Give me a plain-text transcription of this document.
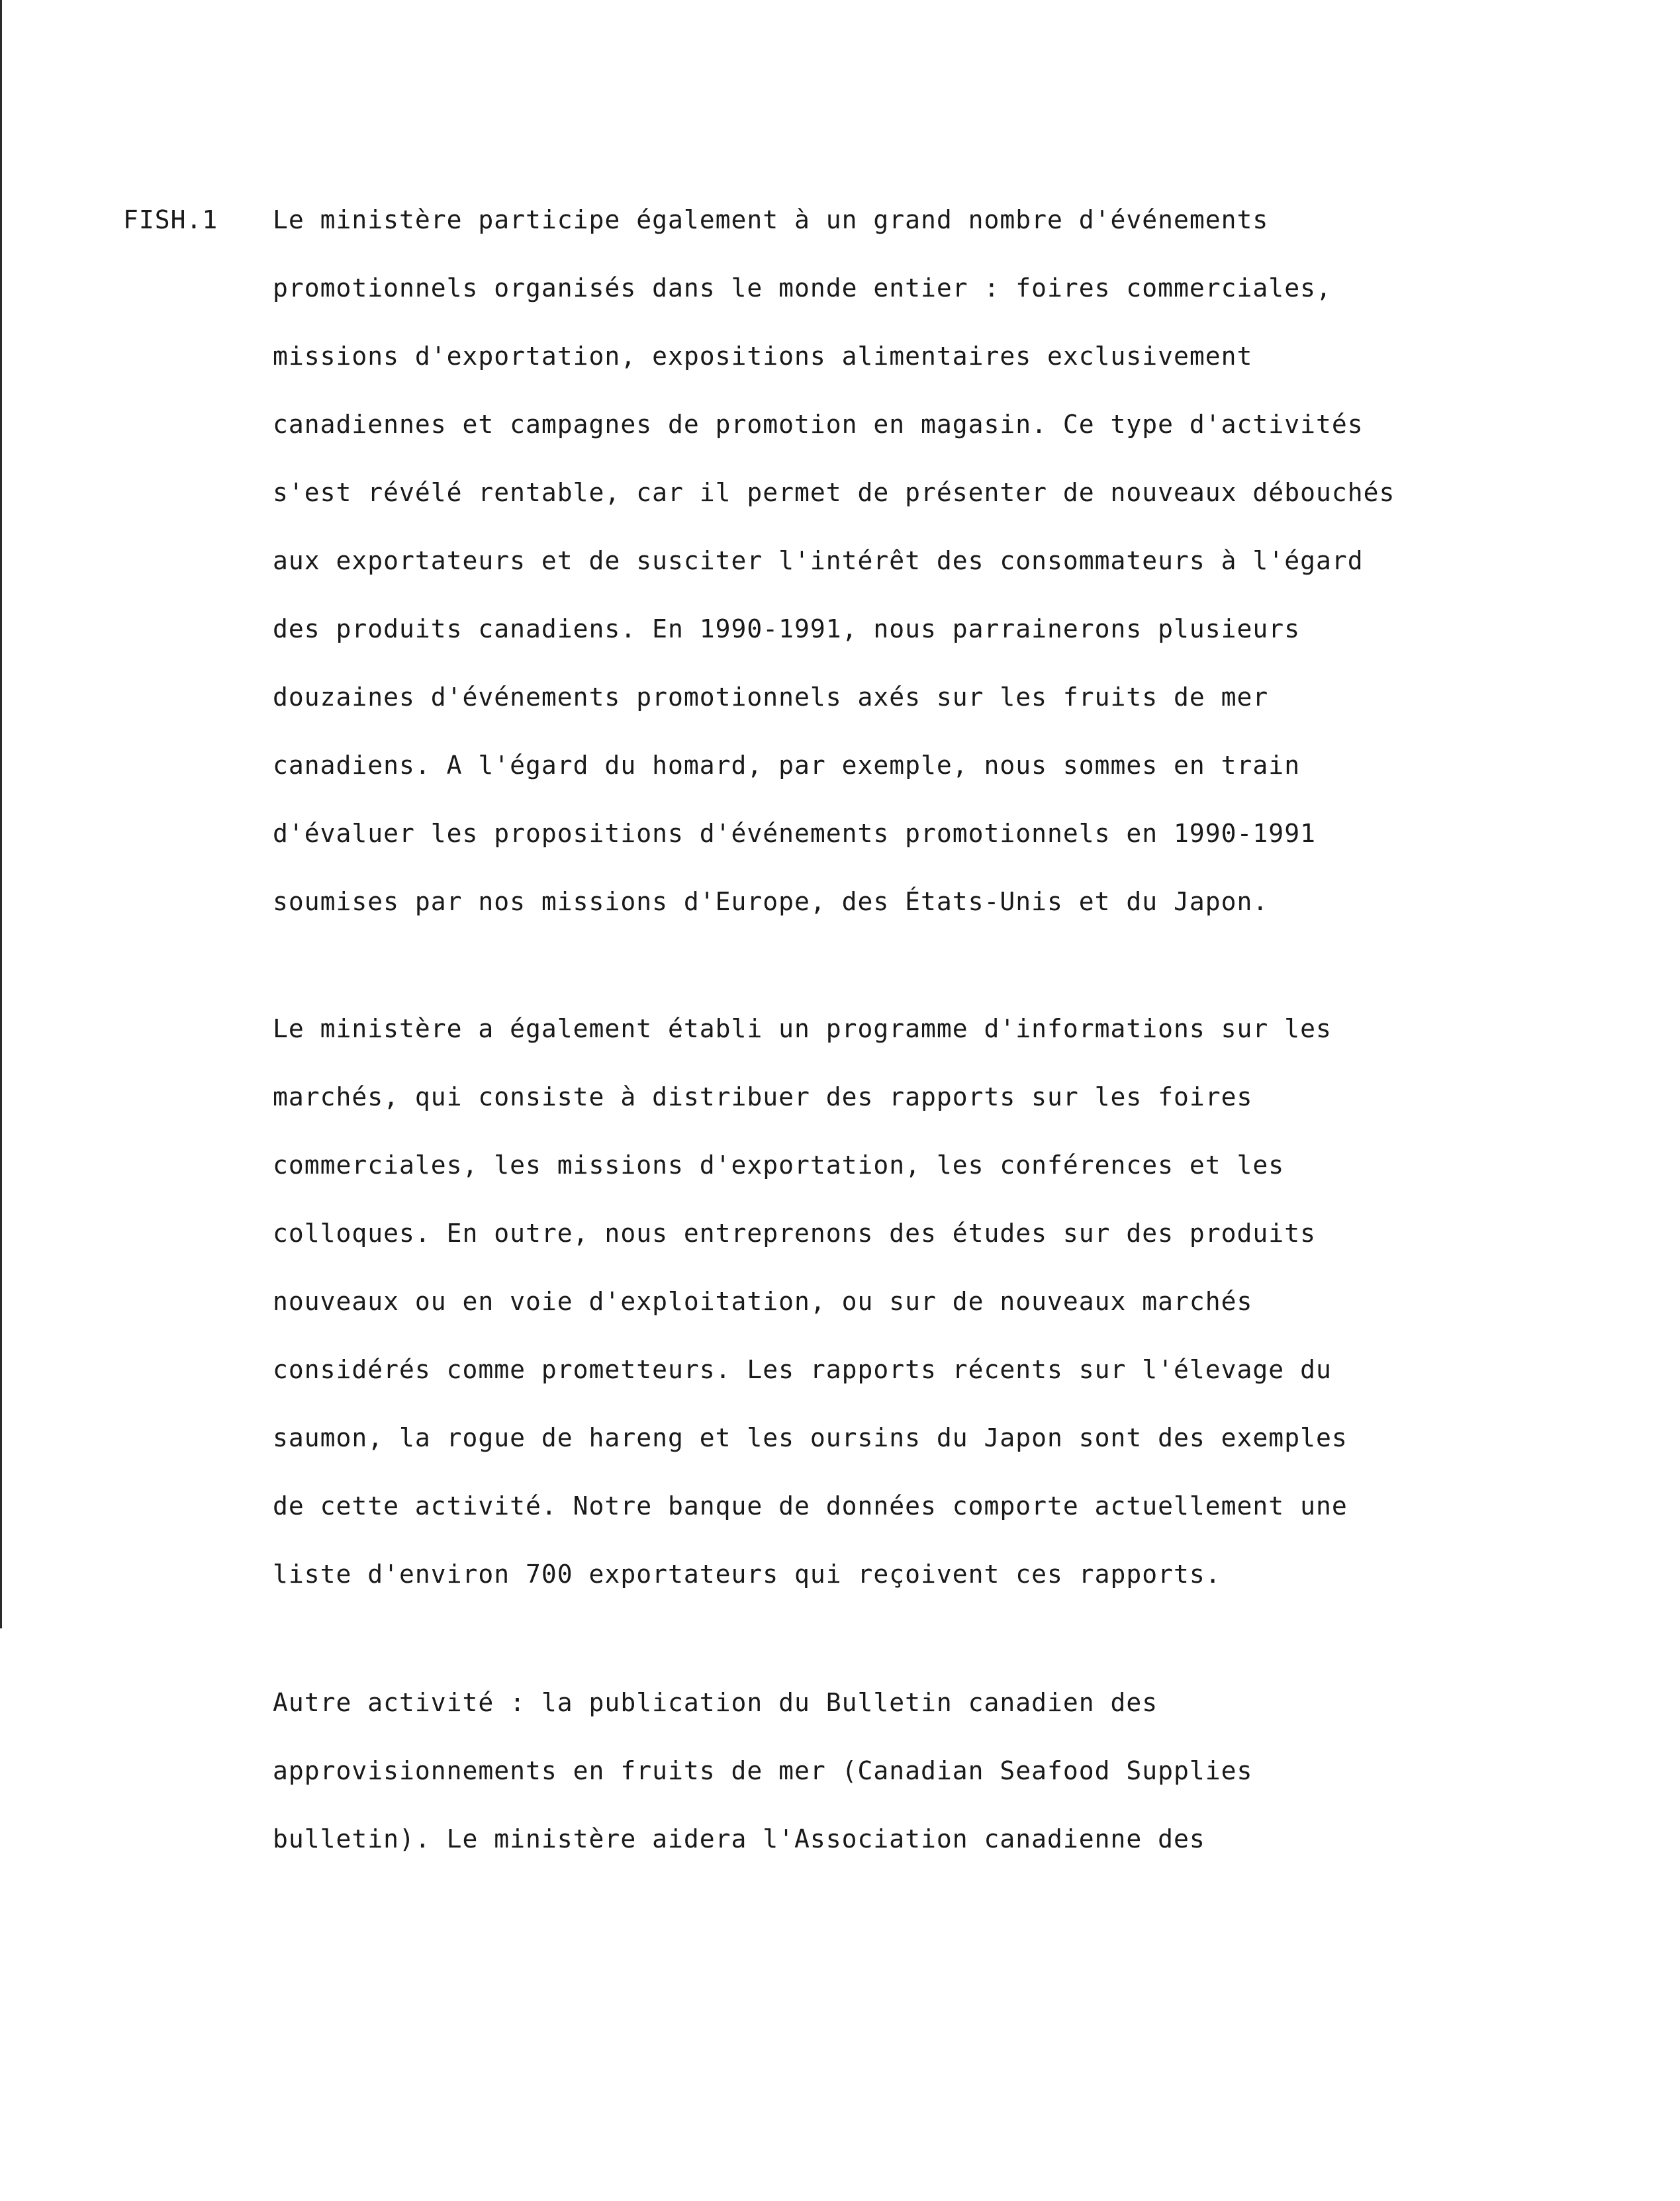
FISH.1 Le ministère participe également à un grand nombre d'événements
promotionnels organisés dans le monde entier : foires commerciales,
missions d'exportation, expositions alimentaires exclusivement
canadiennes et campagnes de promotion en magasin. Ce type d'activités
s'est révélé rentable, car il permet de présenter de nouveaux débouchés
aux exportateurs et de susciter l'intérêt des consommateurs à l'égard
des produits canadiens. En 1990-1991, nous parrainerons plusieurs
douzaines d'événements promotionnels axés sur les fruits de mer
canadiens. A l'égard du homard, par exemple, nous sommes en train
d'évaluer les propositions d'événements promotionnels en 1990-1991
soumises par nos missions d'Europe, des États-Unis et du Japon.

Le ministère a également établi un programme d'informations sur les
marchés, qui consiste à distribuer des rapports sur les foires
commerciales, les missions d'exportation, les conférences et les
colloques. En outre, nous entreprenons des études sur des produits
nouveaux ou en voie d'exploitation, ou sur de nouveaux marchés
considérés comme prometteurs. Les rapports récents sur l'élevage du
saumon, la rogue de hareng et les oursins du Japon sont des exemples
de cette activité. Notre banque de données comporte actuellement une
liste d'environ 700 exportateurs qui reçoivent ces rapports.

Autre activité : la publication du Bulletin canadien des
approvisionnements en fruits de mer (Canadian Seafood Supplies
bulletin). Le ministère aidera l'Association canadienne des
